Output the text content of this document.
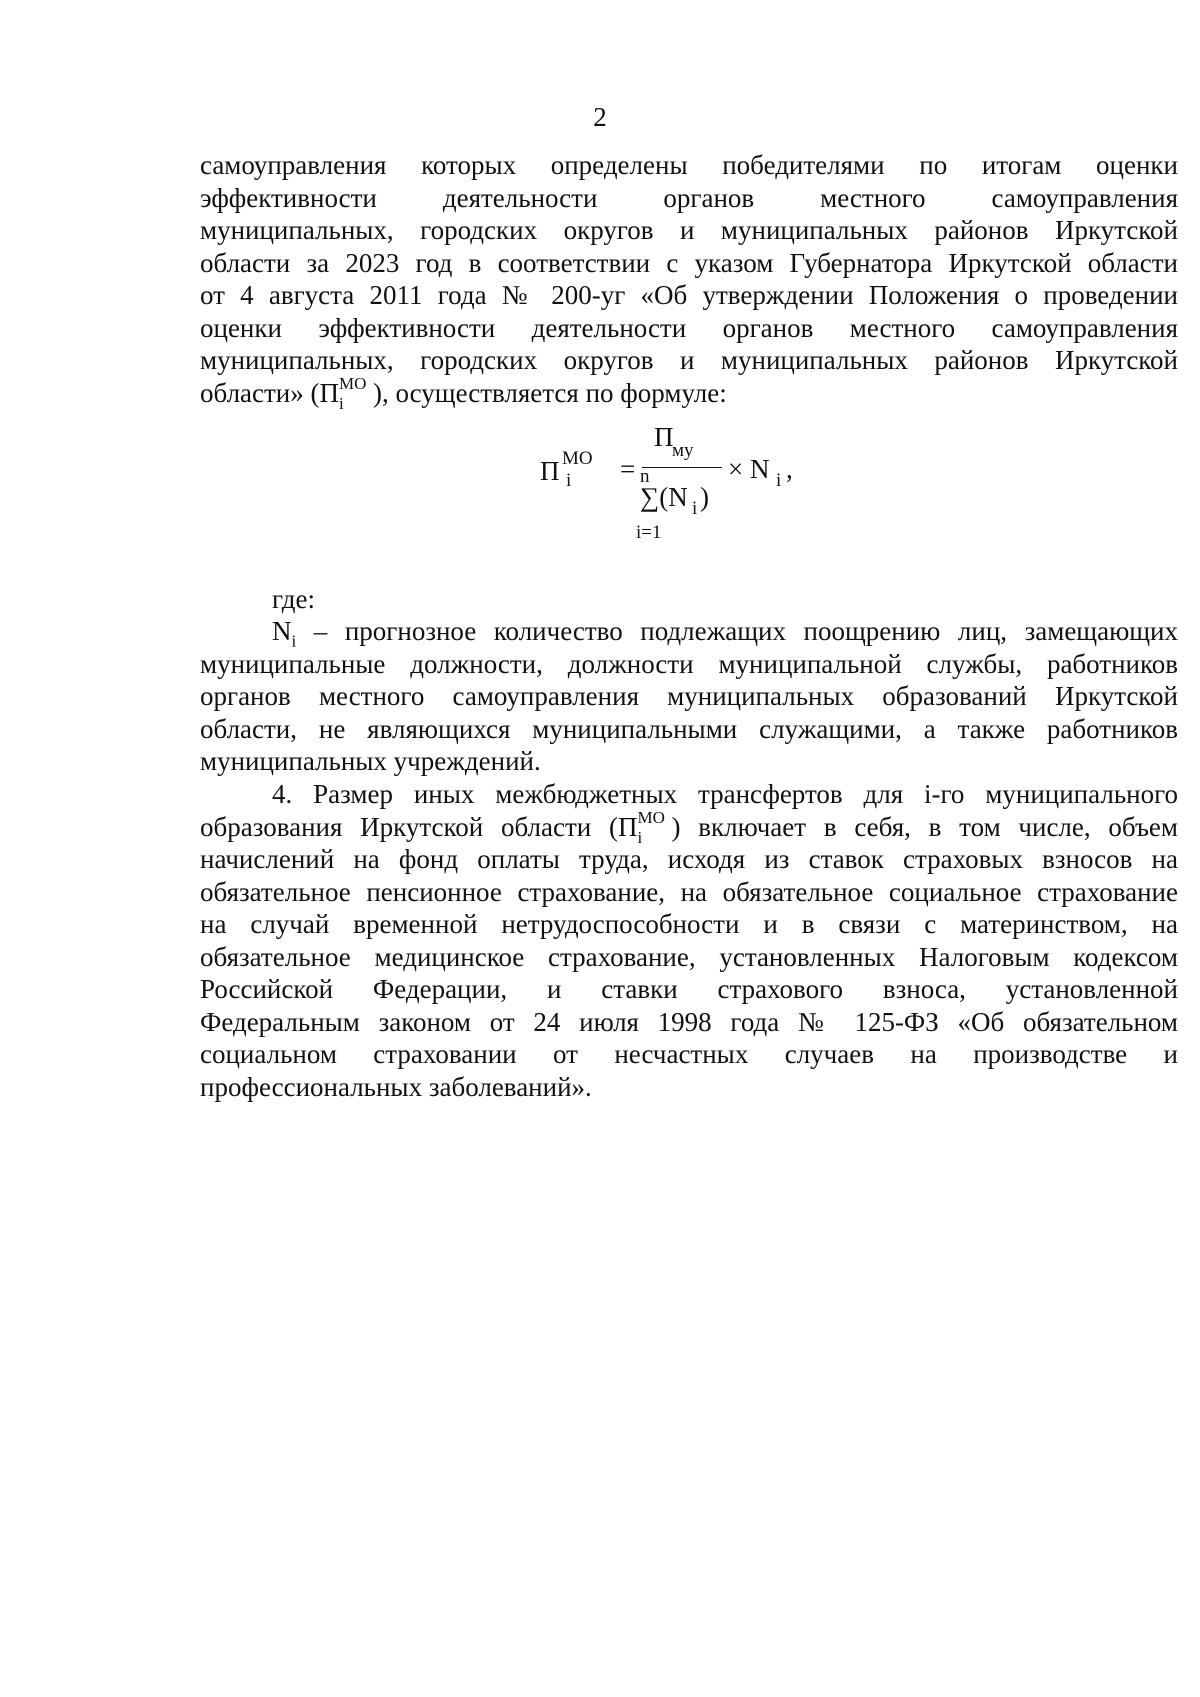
2
самоуправления которых определены победителями по итогам оценки
эффективности деятельности органов местного самоуправления
муниципальных, городских округов и муниципальных районов Иркутской
области за 2023 год в соответствии с указом Губернатора Иркутской области
от 4 августа 2011 года № 200-уг «Об утверждении Положения о проведении
оценки эффективности деятельности органов местного самоуправления
муниципальных, городских округов и муниципальных районов Иркутской
области» (П МО
i ), осуществляется по формуле:
П МО
i =
П
му
n
∑(N i )
i=1
× N i ,
где:
$N_i$ – прогнозное количество подлежащих поощрению лиц, замещающих
муниципальные должности, должности муниципальной службы, работников
органов местного самоуправления муниципальных образований Иркутской
области, не являющихся муниципальными служащими, а также работников
муниципальных учреждений.
4. Размер иных межбюджетных трансфертов для i-го муниципального
образования Иркутской области (П МО
i ) включает в себя, в том числе, объем
начислений на фонд оплаты труда, исходя из ставок страховых взносов на
обязательное пенсионное страхование, на обязательное социальное страхование
на случай временной нетрудоспособности и в связи с материнством, на
обязательное медицинское страхование, установленных Налоговым кодексом
Российской Федерации, и ставки страхового взноса, установленной
Федеральным законом от 24 июля 1998 года № 125-ФЗ «Об обязательном
социальном страховании от несчастных случаев на производстве и
профессиональных заболеваний».
